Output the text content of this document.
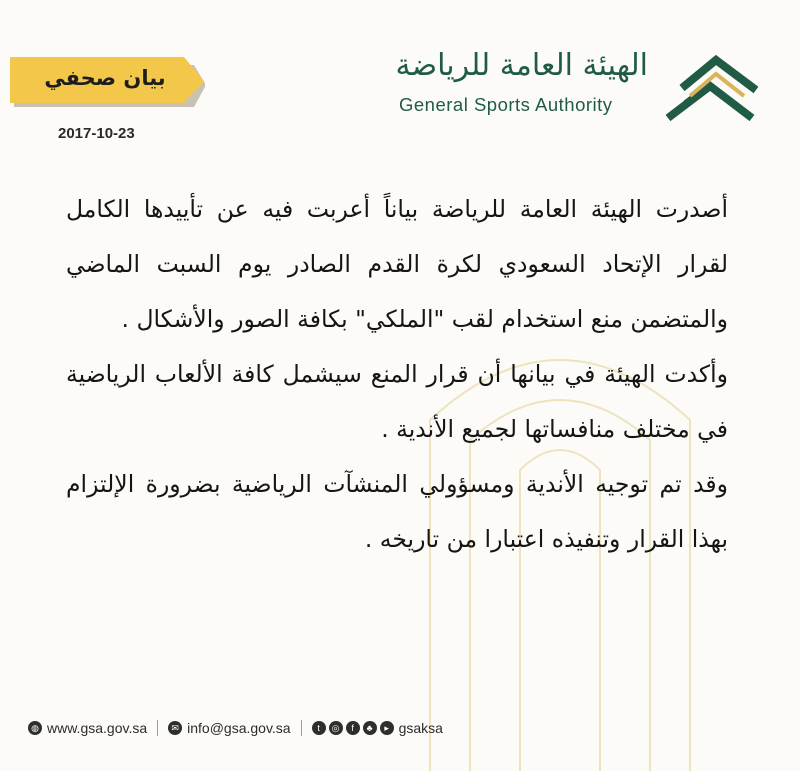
بيان صحفي
2017-10-23
الهيئة العامة للرياضة
General Sports Authority

أصدرت الهيئة العامة للرياضة بياناً أعربت فيه عن تأييدها الكامل لقرار الإتحاد السعودي لكرة القدم الصادر يوم السبت الماضي والمتضمن منع استخدام لقب "الملكي" بكافة الصور والأشكال .

وأكدت الهيئة في بيانها أن قرار المنع سيشمل كافة الألعاب الرياضية في مختلف منافساتها لجميع الأندية .

وقد تم توجيه الأندية ومسؤولي المنشآت الرياضية بضرورة الإلتزام بهذا القرار وتنفيذه اعتبارا من تاريخه .

◍ www.gsa.gov.sa	✉ info@gsa.gov.sa	t	◎	f	♣	▸ gsaksa
